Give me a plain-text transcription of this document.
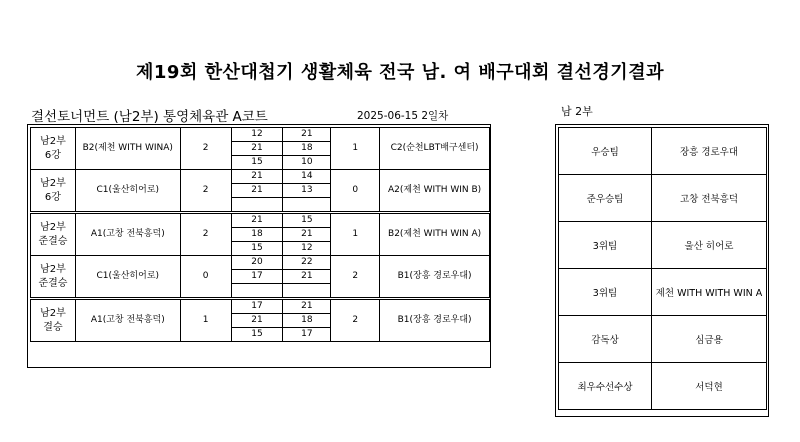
제19회 한산대첩기 생활체육 전국 남. 여 배구대회 결선경기결과
결선토너먼트 (남2부) 통영체육관 A코트	2025-06-15 2일차	남 2부
남2부
6강	B2(제천 WITH WINA)	2	12	21	1	C2(순천LBT배구센터)
			21	18		
			15	10		
남2부
6강	C1(울산히어로)	2	21	14	0	A2(제천 WITH WIN B)
			21	13		

남2부
준결승	A1(고창 전북흥덕)	2	21	15	1	B2(제천 WITH WIN A)
			18	21		
			15	12		
남2부
준결승	C1(울산히어로)	0	20	22	2	B1(장흥 경로우대)
			17	21		

남2부
결승	A1(고창 전북흥덕)	1	17	21	2	B1(장흥 경로우대)
			21	18		
			15	17		
우승팀	장흥 경로우대
준우승팀	고창 전북흥덕
3위팀	울산 히어로
3위팀	제천 WITH WITH WIN A
감독상	심금용
최우수선수상	서덕현
